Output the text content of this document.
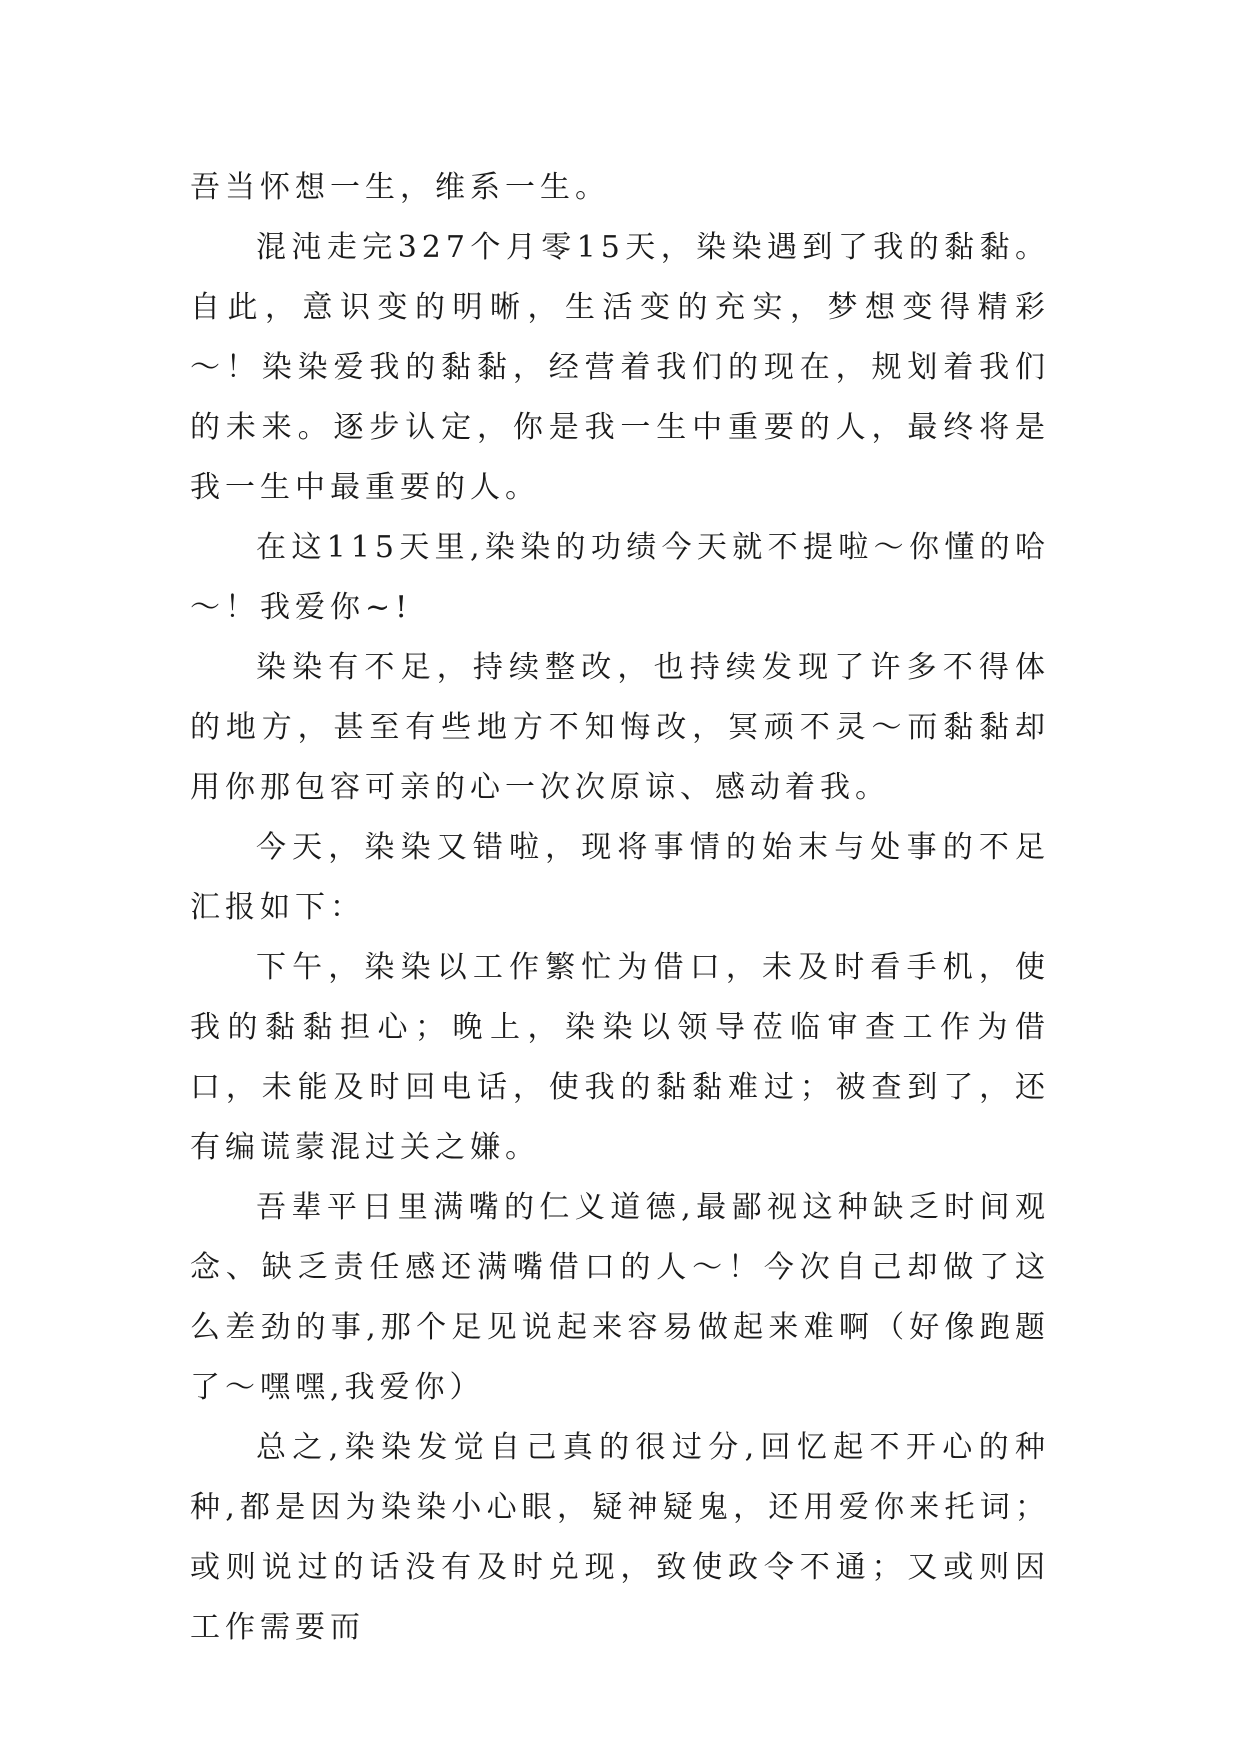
吾当怀想一生，维系一生。

混沌走完327个月零15天，染染遇到了我的黏黏。自此，意识变的明晰，生活变的充实，梦想变得精彩～！染染爱我的黏黏，经营着我们的现在，规划着我们的未来。逐步认定，你是我一生中重要的人，最终将是我一生中最重要的人。

在这115天里,染染的功绩今天就不提啦～你懂的哈～！我爱你~!

染染有不足，持续整改，也持续发现了许多不得体的地方，甚至有些地方不知悔改，冥顽不灵～而黏黏却用你那包容可亲的心一次次原谅、感动着我。

今天，染染又错啦，现将事情的始末与处事的不足汇报如下：

下午，染染以工作繁忙为借口，未及时看手机，使我的黏黏担心；晚上，染染以领导莅临审查工作为借口，未能及时回电话，使我的黏黏难过；被查到了，还有编谎蒙混过关之嫌。

吾辈平日里满嘴的仁义道德,最鄙视这种缺乏时间观念、缺乏责任感还满嘴借口的人～！今次自己却做了这么差劲的事,那个足见说起来容易做起来难啊（好像跑题了～嘿嘿,我爱你）

总之,染染发觉自己真的很过分,回忆起不开心的种种,都是因为染染小心眼，疑神疑鬼，还用爱你来托词；或则说过的话没有及时兑现，致使政令不通；又或则因工作需要而
